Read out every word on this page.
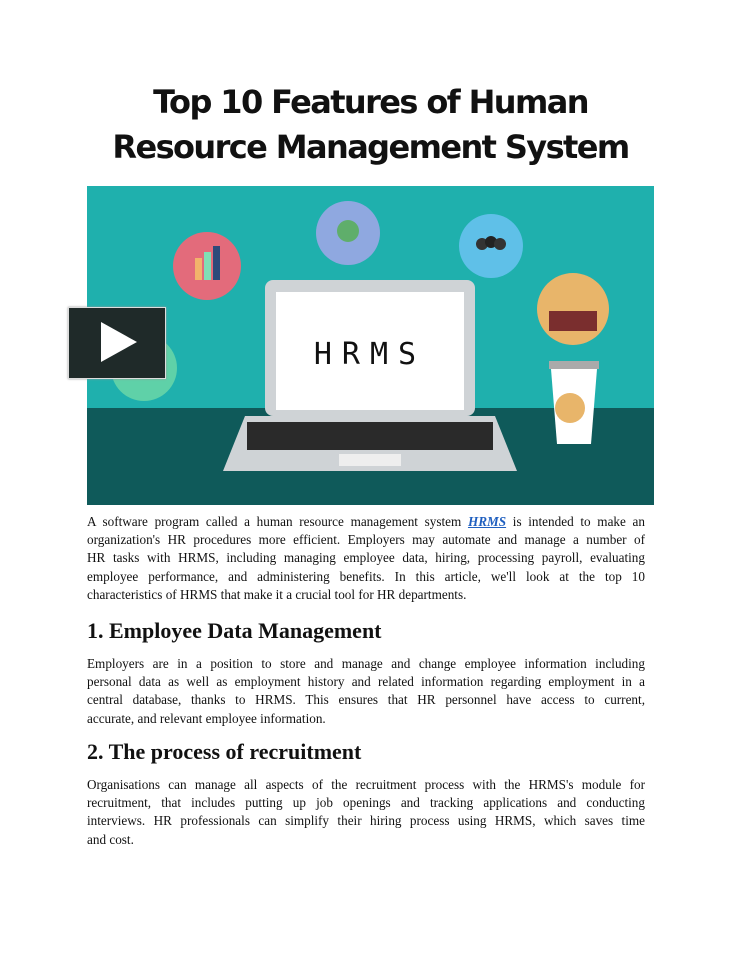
Top 10 Features of Human
Resource Management System
HRMS
A software program called a human resource management system HRMS is intended to make an
organization's HR procedures more efficient. Employers may automate and manage a number of
HR tasks with HRMS, including managing employee data, hiring, processing payroll, evaluating
employee performance, and administering benefits. In this article, we'll look at the top 10
characteristics of HRMS that make it a crucial tool for HR departments.
1. Employee Data Management
Employers are in a position to store and manage and change employee information including
personal data as well as employment history and related information regarding employment in a
central database, thanks to HRMS. This ensures that HR personnel have access to current,
accurate, and relevant employee information.
2. The process of recruitment
Organisations can manage all aspects of the recruitment process with the HRMS's module for
recruitment, that includes putting up job openings and tracking applications and conducting
interviews. HR professionals can simplify their hiring process using HRMS, which saves time
and cost.
